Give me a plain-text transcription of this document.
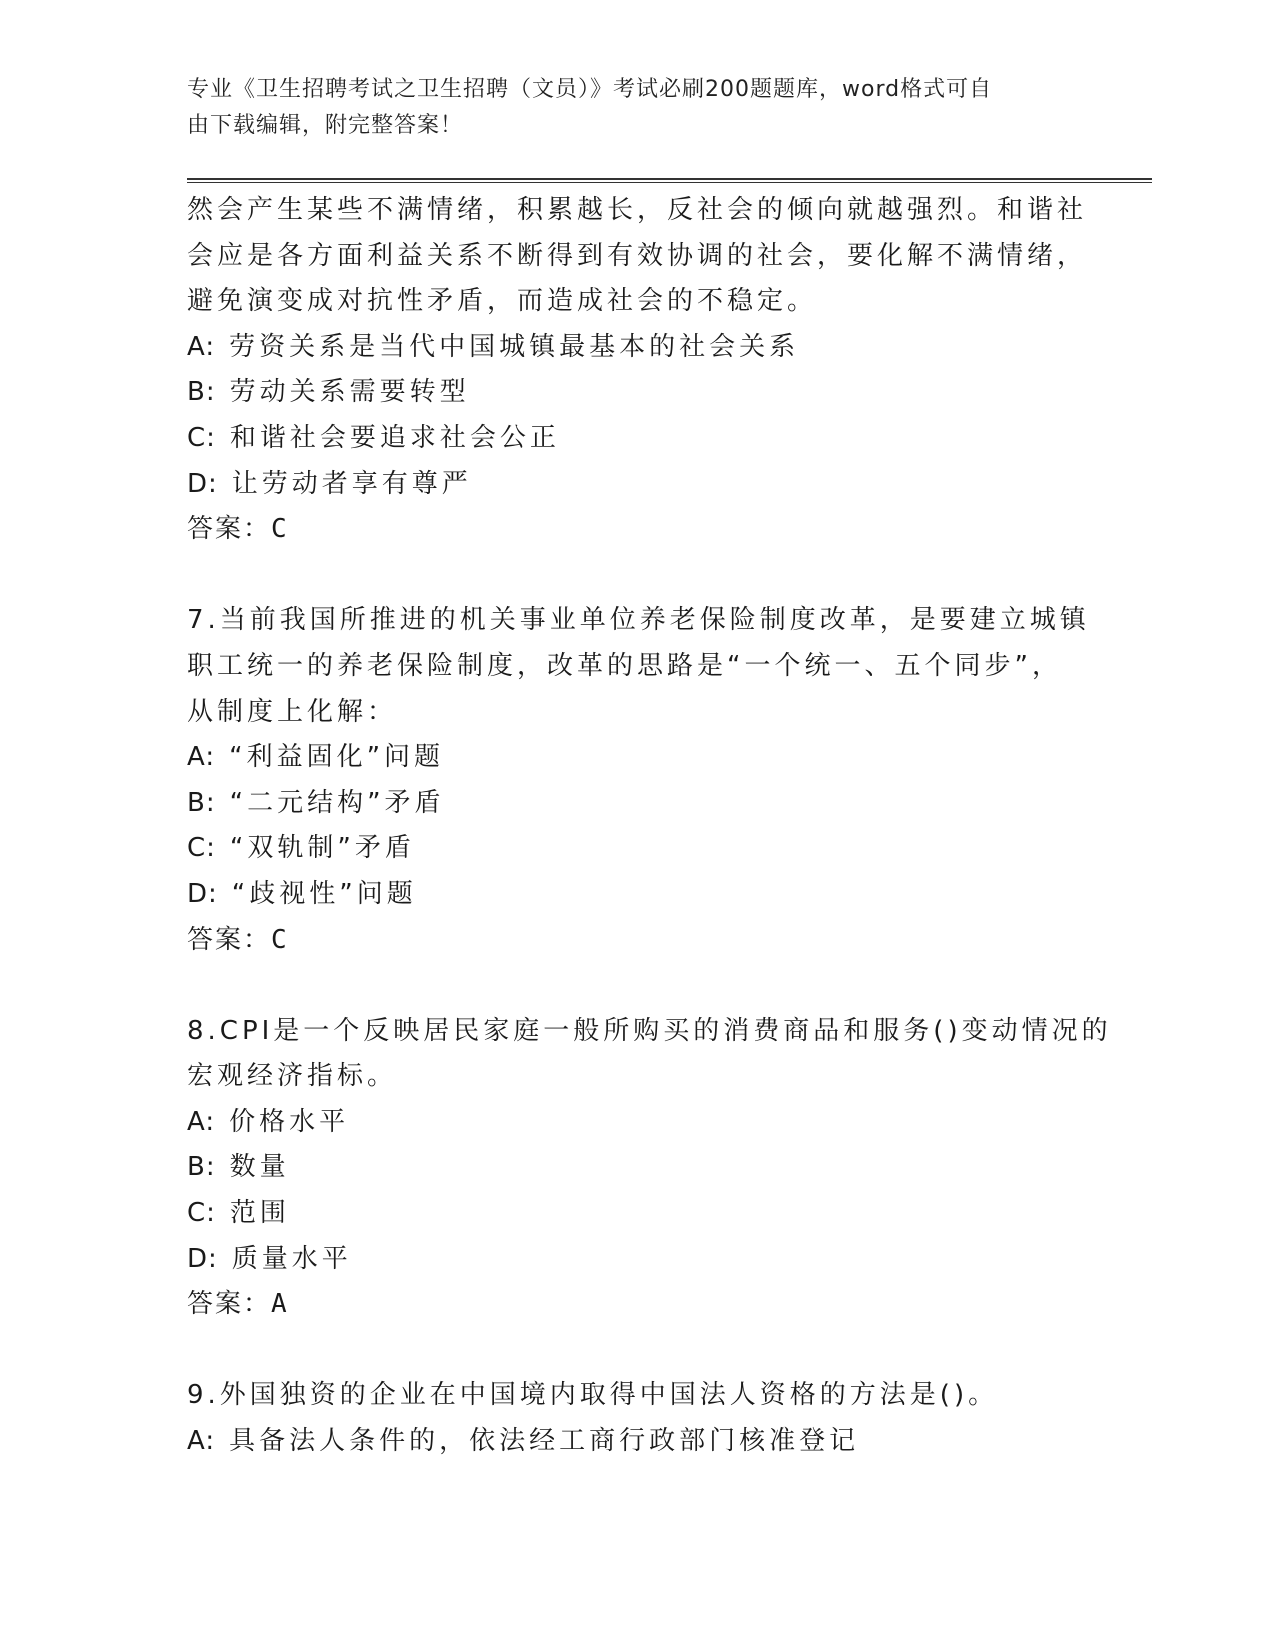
专业《卫生招聘考试之卫生招聘（文员）》考试必刷200题题库，word格式可自
由下载编辑，附完整答案！
然会产生某些不满情绪，积累越长，反社会的倾向就越强烈。和谐社
会应是各方面利益关系不断得到有效协调的社会，要化解不满情绪，
避免演变成对抗性矛盾，而造成社会的不稳定。
A: 劳资关系是当代中国城镇最基本的社会关系
B: 劳动关系需要转型
C: 和谐社会要追求社会公正
D: 让劳动者享有尊严
答案：C
7.当前我国所推进的机关事业单位养老保险制度改革，是要建立城镇
职工统一的养老保险制度，改革的思路是“一个统一、五个同步”，
从制度上化解：
A: “利益固化”问题
B: “二元结构”矛盾
C: “双轨制”矛盾
D: “歧视性”问题
答案：C
8.CPI是一个反映居民家庭一般所购买的消费商品和服务()变动情况的
宏观经济指标。
A: 价格水平
B: 数量
C: 范围
D: 质量水平
答案：A
9.外国独资的企业在中国境内取得中国法人资格的方法是()。
A: 具备法人条件的，依法经工商行政部门核准登记
